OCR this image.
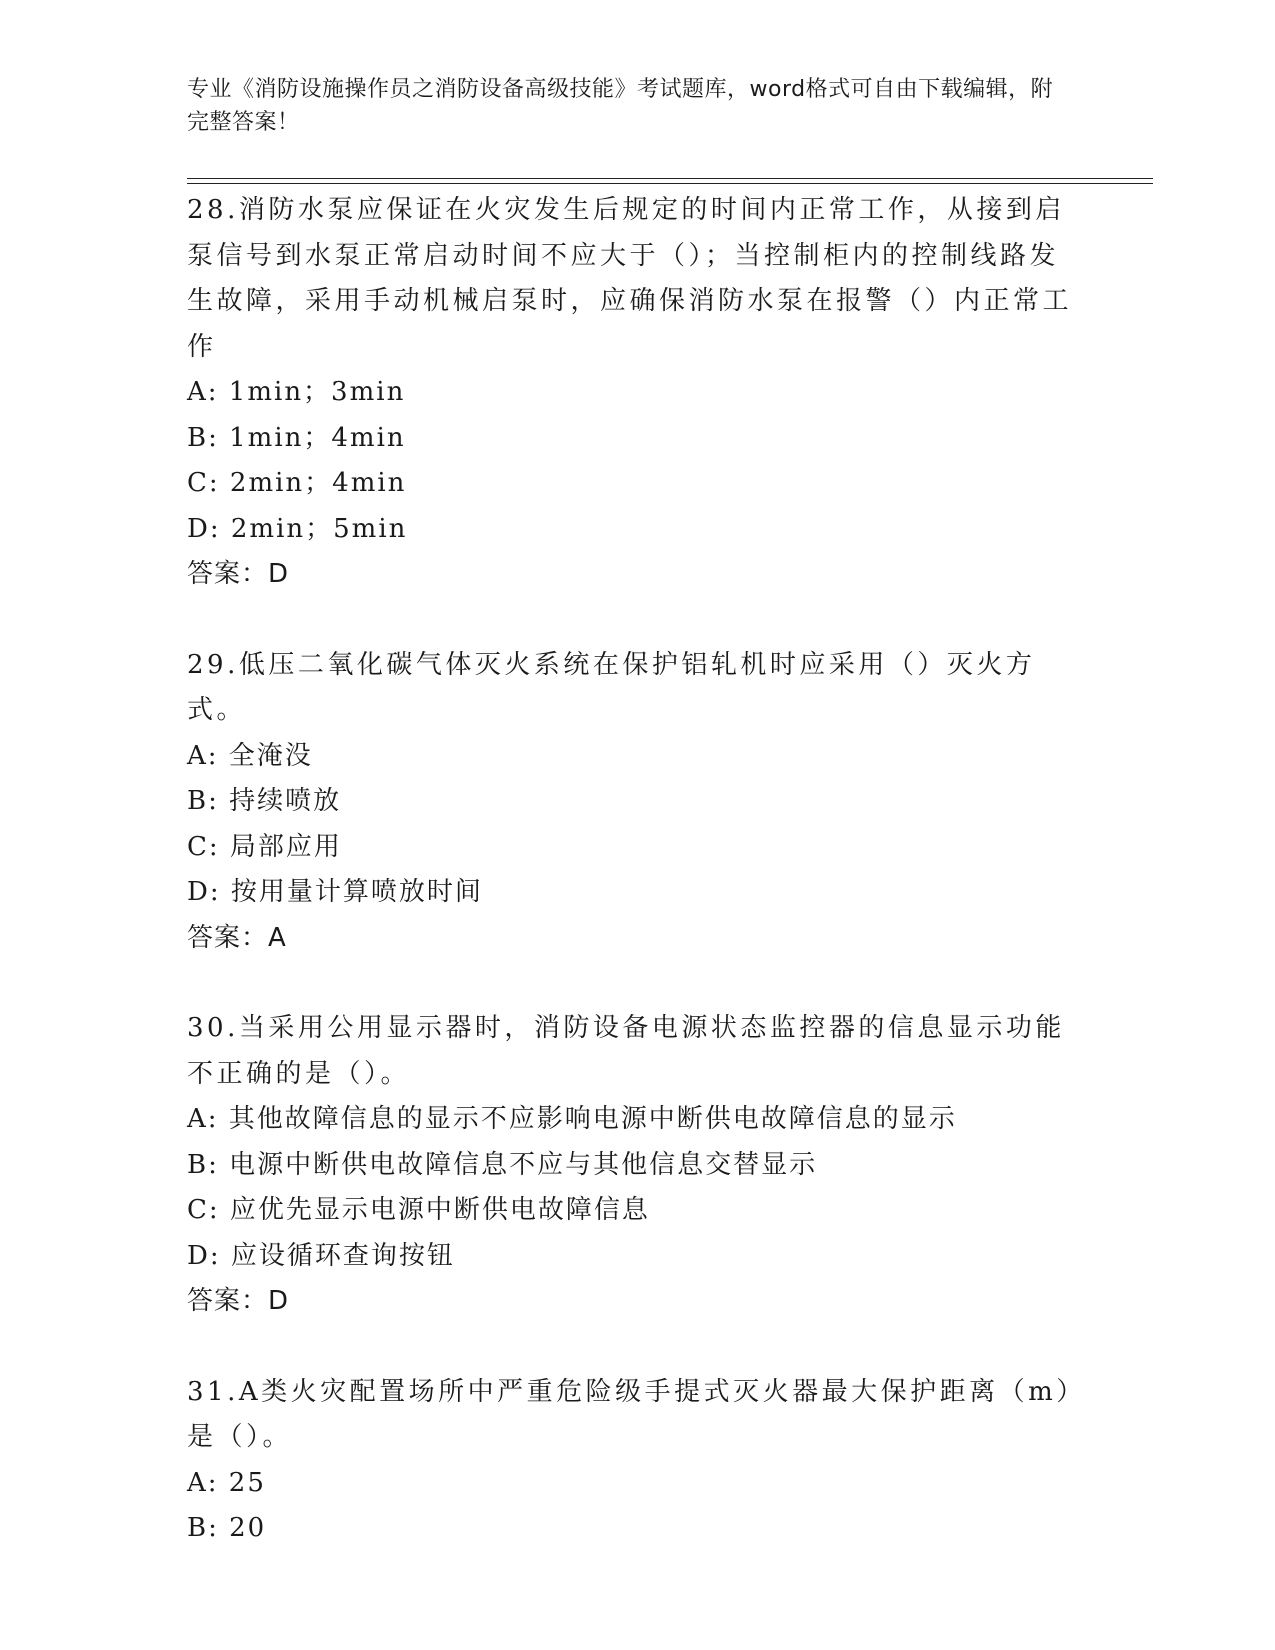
专业《消防设施操作员之消防设备高级技能》考试题库，word格式可自由下载编辑，附完整答案！

28.消防水泵应保证在火灾发生后规定的时间内正常工作，从接到启泵信号到水泵正常启动时间不应大于（）；当控制柜内的控制线路发生故障，采用手动机械启泵时，应确保消防水泵在报警（）内正常工作

A: 1min；3min

B: 1min；4min

C: 2min；4min

D: 2min；5min

答案：D

29.低压二氧化碳气体灭火系统在保护铝轧机时应采用（）灭火方式。

A: 全淹没

B: 持续喷放

C: 局部应用

D: 按用量计算喷放时间

答案：A

30.当采用公用显示器时，消防设备电源状态监控器的信息显示功能不正确的是（）。

A: 其他故障信息的显示不应影响电源中断供电故障信息的显示

B: 电源中断供电故障信息不应与其他信息交替显示

C: 应优先显示电源中断供电故障信息

D: 应设循环查询按钮

答案：D

31.A类火灾配置场所中严重危险级手提式灭火器最大保护距离（m）是（）。

A: 25

B: 20
